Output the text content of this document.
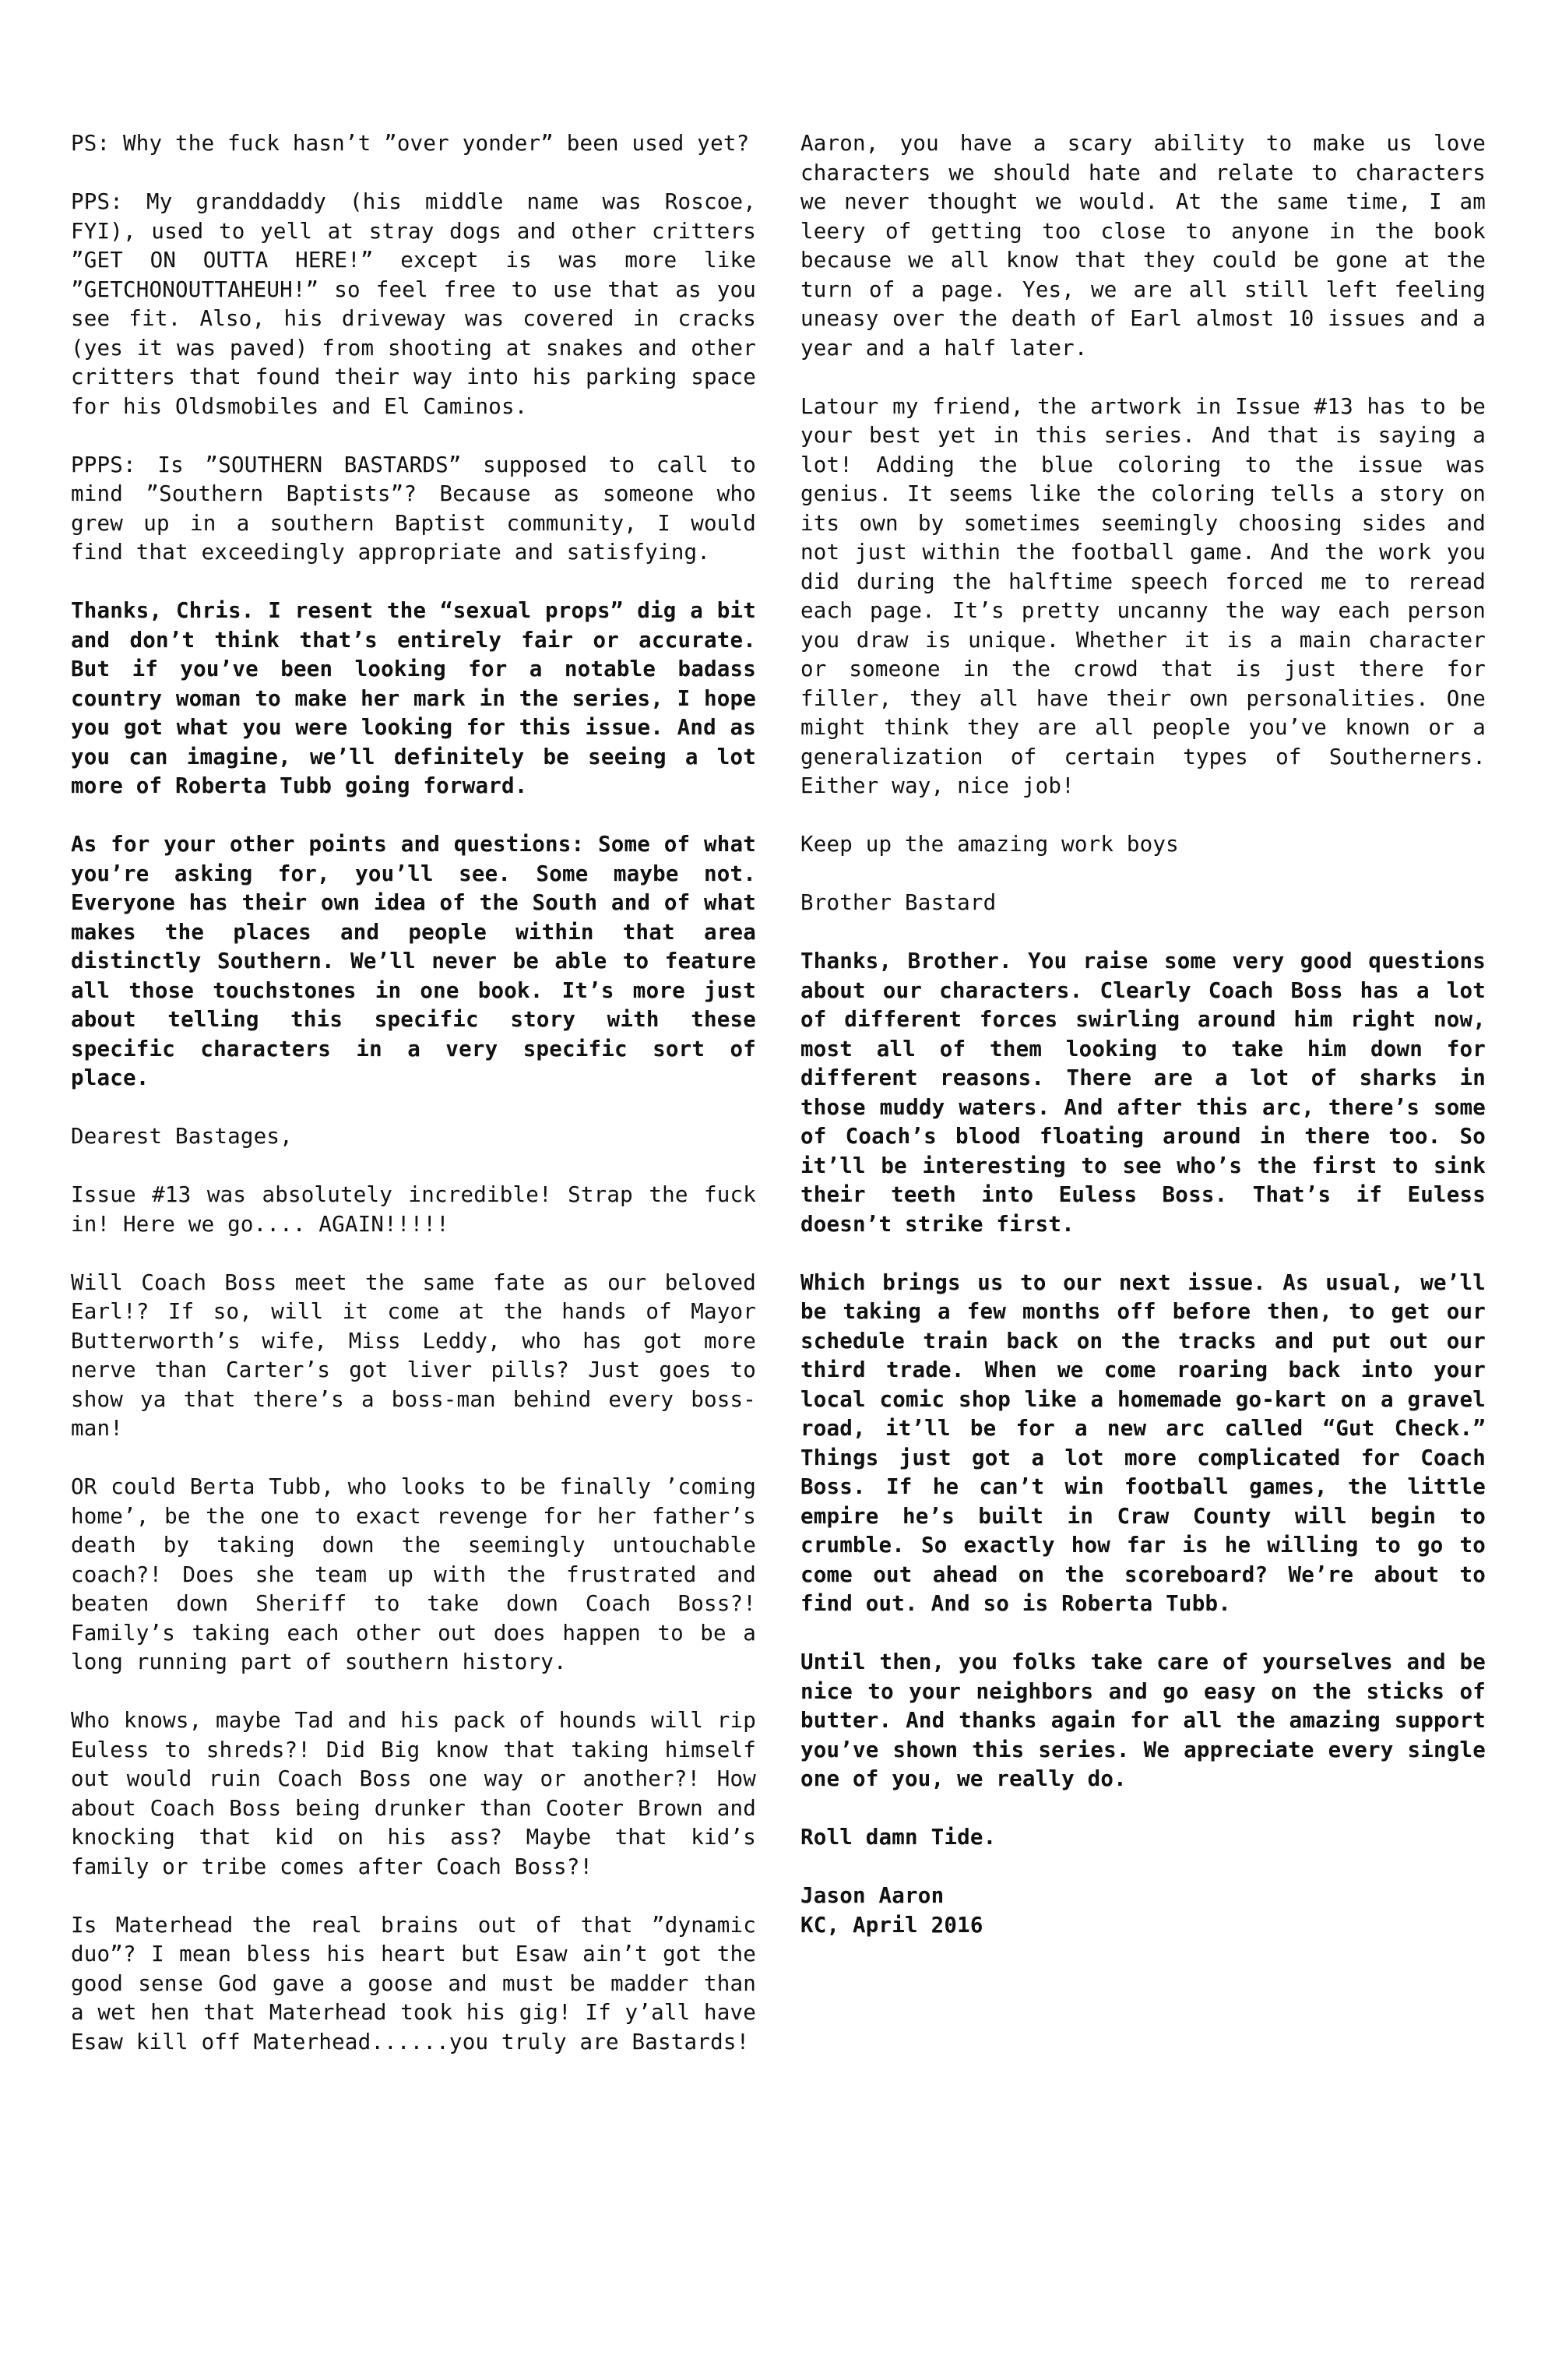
PS: Why the fuck hasn’t ”over yonder” been used yet?

PPS: My granddaddy (his middle name was Roscoe, FYI), used to yell at stray dogs and other critters ”GET ON OUTTA HERE!” except is was more like ”GETCHONOUTTAHEUH!” so feel free to use that as you see fit. Also, his driveway was covered in cracks (yes it was paved) from shooting at snakes and other critters that found their way into his parking space for his Oldsmobiles and El Caminos.

PPPS: Is ”SOUTHERN BASTARDS” supposed to call to mind ”Southern Baptists”? Because as someone who grew up in a southern Baptist community, I would find that exceedingly appropriate and satisfying.

Thanks, Chris. I resent the “sexual props” dig a bit and don’t think that’s entirely fair or accurate. But if you’ve been looking for a notable badass country woman to make her mark in the series, I hope you got what you were looking for this issue. And as you can imagine, we’ll definitely be seeing a lot more of Roberta Tubb going forward.

As for your other points and questions: Some of what you’re asking for, you’ll see. Some maybe not. Everyone has their own idea of the South and of what makes the places and people within that area distinctly Southern. We’ll never be able to feature all those touchstones in one book. It’s more just about telling this specific story with these specific characters in a very specific sort of place.

Dearest Bastages,

Issue #13 was absolutely incredible! Strap the fuck in! Here we go.... AGAIN!!!!!

Will Coach Boss meet the same fate as our beloved Earl!? If so, will it come at the hands of Mayor Butterworth’s wife, Miss Leddy, who has got more nerve than Carter’s got liver pills? Just goes to show ya that there’s a boss-man behind every boss-man!

OR could Berta Tubb, who looks to be finally ’coming home’, be the one to exact revenge for her father’s death by taking down the seemingly untouchable coach?! Does she team up with the frustrated and beaten down Sheriff to take down Coach Boss?! Family’s taking each other out does happen to be a long running part of southern history.

Who knows, maybe Tad and his pack of hounds will rip Euless to shreds?! Did Big know that taking himself out would ruin Coach Boss one way or another?! How about Coach Boss being drunker than Cooter Brown and knocking that kid on his ass? Maybe that kid’s family or tribe comes after Coach Boss?!

Is Materhead the real brains out of that ”dynamic duo”? I mean bless his heart but Esaw ain’t got the good sense God gave a goose and must be madder than a wet hen that Materhead took his gig! If y’all have Esaw kill off Materhead......you truly are Bastards!

Aaron, you have a scary ability to make us love characters we should hate and relate to characters we never thought we would. At the same time, I am leery of getting too close to anyone in the book because we all know that they could be gone at the turn of a page. Yes, we are all still left feeling uneasy over the death of Earl almost 10 issues and a year and a half later.

Latour my friend, the artwork in Issue #13 has to be your best yet in this series. And that is saying a lot! Adding the blue coloring to the issue was genius. It seems like the coloring tells a story on its own by sometimes seemingly choosing sides and not just within the football game. And the work you did during the halftime speech forced me to reread each page. It’s pretty uncanny the way each person you draw is unique. Whether it is a main character or someone in the crowd that is just there for filler, they all have their own personalities. One might think they are all people you’ve known or a generalization of certain types of Southerners. Either way, nice job!

Keep up the amazing work boys

Brother Bastard

Thanks, Brother. You raise some very good questions about our characters. Clearly Coach Boss has a lot of different forces swirling around him right now, most all of them looking to take him down for different reasons. There are a lot of sharks in those muddy waters. And after this arc, there’s some of Coach’s blood floating around in there too. So it’ll be interesting to see who’s the first to sink their teeth into Euless Boss. That’s if Euless doesn’t strike first.

Which brings us to our next issue. As usual, we’ll be taking a few months off before then, to get our schedule train back on the tracks and put out our third trade. When we come roaring back into your local comic shop like a homemade go-kart on a gravel road, it’ll be for a new arc called “Gut Check.” Things just got a lot more complicated for Coach Boss. If he can’t win football games, the little empire he’s built in Craw County will begin to crumble. So exactly how far is he willing to go to come out ahead on the scoreboard? We’re about to find out. And so is Roberta Tubb.

Until then, you folks take care of yourselves and be nice to your neighbors and go easy on the sticks of butter. And thanks again for all the amazing support you’ve shown this series. We appreciate every single one of you, we really do.

Roll damn Tide.

Jason Aaron

KC, April 2016
